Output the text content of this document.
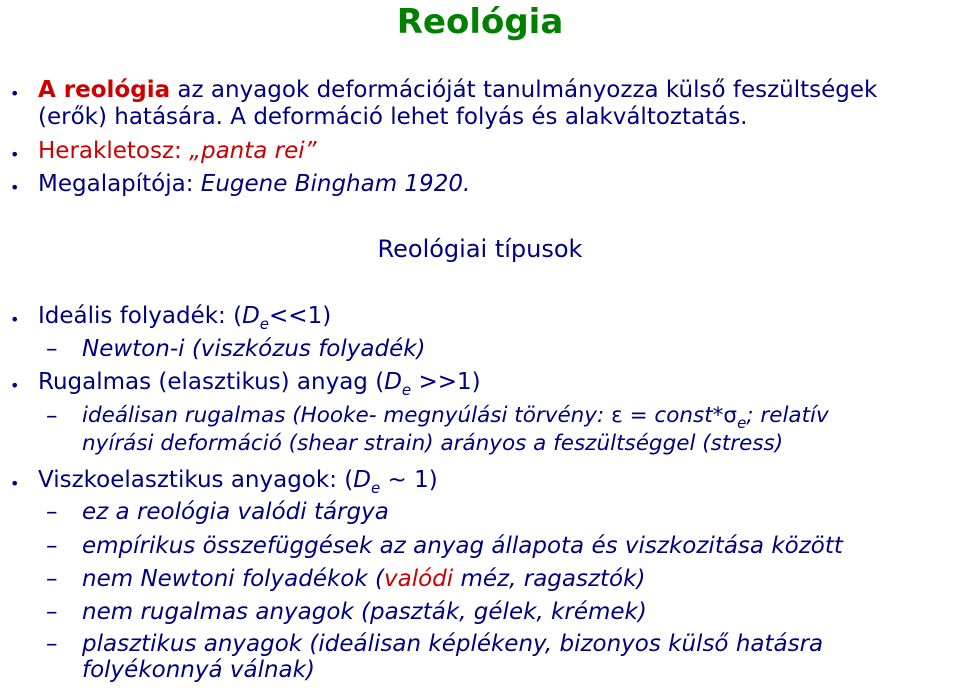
Reológia
• A reológia az anyagok deformációját tanulmányozza külső feszültségek
(erők) hatására. A deformáció lehet folyás és alakváltoztatás.
• Herakletosz: „panta rei”
• Megalapítója: Eugene Bingham 1920.
Reológiai típusok
• Ideális folyadék: $(D_e<<1)$
– Newton-i (viszkózus folyadék)
• Rugalmas (elasztikus) anyag $(D_e >>1)$
– ideálisan rugalmas (Hooke- megnyúlási törvény: $\varepsilon = const*\sigma_e$; relatív
nyírási deformáció (shear strain) arányos a feszültséggel (stress)
• Viszkoelasztikus anyagok: ($D_e$ ~ 1)
– ez a reológia valódi tárgya
– empírikus összefüggések az anyag állapota és viszkozitása között
– nem Newtoni folyadékok (valódi méz, ragasztók)
– nem rugalmas anyagok (paszták, gélek, krémek)
– plasztikus anyagok (ideálisan képlékeny, bizonyos külső hatásra
folyékonnyá válnak)
